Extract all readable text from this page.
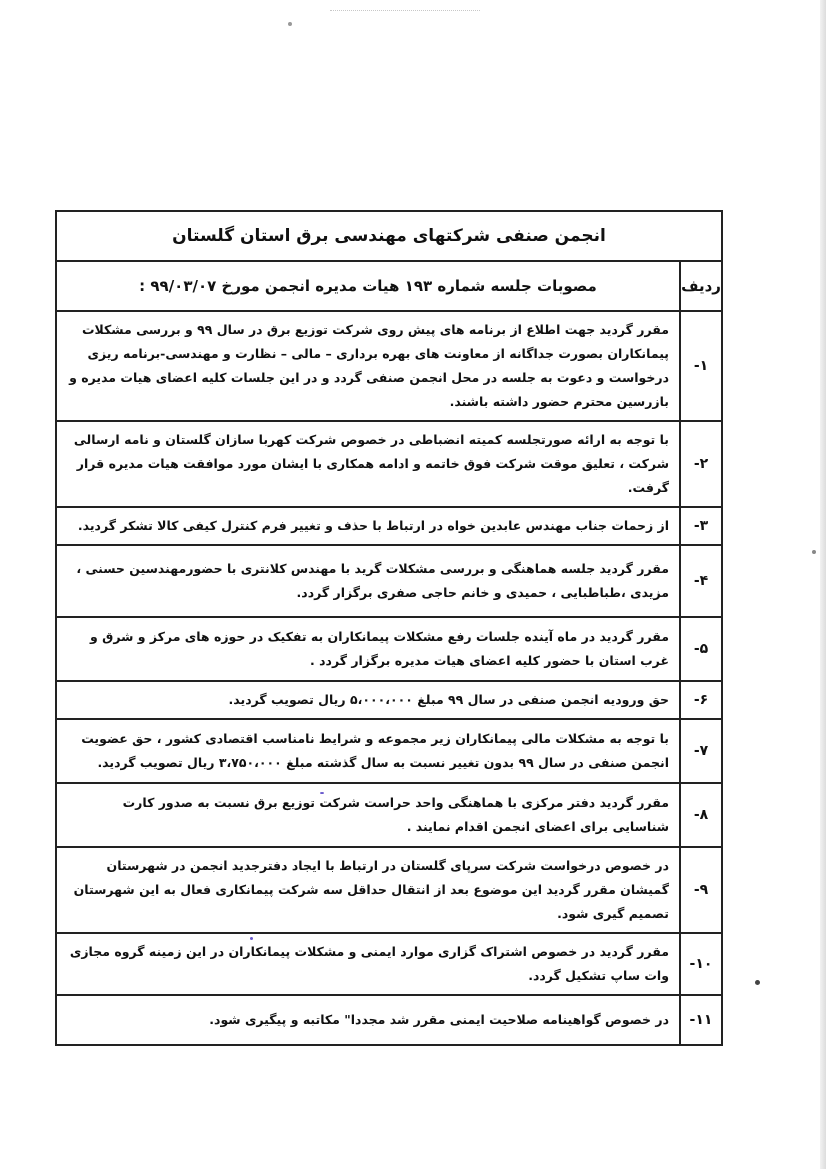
انجمن صنفی شرکتهای مهندسی برق استان گلستان	
ردیف	مصوبات جلسه شماره ۱۹۳ هیات مدیره انجمن مورخ ۹۹/۰۳/۰۷ :
۱-	مقرر گردید جهت اطلاع از برنامه های پیش روی شرکت توزیع برق در سال ۹۹ و بررسی مشکلات پیمانکاران بصورت جداگانه از معاونت های بهره برداری – مالی – نظارت و مهندسی-برنامه ریزی درخواست و دعوت به جلسه در محل انجمن صنفی گردد و در این جلسات کلیه اعضای هیات مدیره و بازرسین محترم حضور داشته باشند.
۲-	با توجه به ارائه صورتجلسه کمیته انضباطی در خصوص شرکت کهربا سازان گلستان و نامه ارسالی شرکت ، تعلیق موقت شرکت فوق خاتمه و ادامه همکاری با ایشان مورد موافقت هیات مدیره قرار گرفت.
۳-	از زحمات جناب مهندس عابدین خواه در ارتباط با حذف و تغییر فرم کنترل کیفی کالا تشکر گردید.
۴-	مقرر گردید جلسه هماهنگی و بررسی مشکلات گرید با مهندس کلانتری با حضورمهندسین حسنی ، مزیدی ،طباطبایی ، حمیدی و خانم حاجی صفری برگزار گردد.
۵-	مقرر گردید در ماه آینده جلسات رفع مشکلات پیمانکاران به تفکیک در حوزه های مرکز و شرق و غرب استان با حضور کلیه اعضای هیات مدیره برگزار گردد .
۶-	حق ورودیه انجمن صنفی در سال ۹۹ مبلغ ۵،۰۰۰،۰۰۰ ریال تصویب گردید.
۷-	با توجه به مشکلات مالی پیمانکاران زیر مجموعه و شرایط نامناسب اقتصادی کشور ، حق عضویت انجمن صنفی در سال ۹۹ بدون تغییر نسبت به سال گذشته مبلغ ۳،۷۵۰،۰۰۰ ریال تصویب گردید.
۸-	مقرر گردید دفتر مرکزی با هماهنگی واحد حراست شرکت توزیع برق نسبت به صدور کارت شناسایی برای اعضای انجمن اقدام نمایند .
۹-	در خصوص درخواست شرکت سرپای گلستان در ارتباط با ایجاد دفترجدید انجمن در شهرستان گمیشان مقرر گردید این موضوع بعد از انتقال حداقل سه شرکت پیمانکاری فعال به این شهرستان تصمیم گیری شود.
۱۰-	مقرر گردید در خصوص اشتراک گزاری موارد ایمنی و مشکلات پیمانکاران در این زمینه گروه مجازی وات ساپ تشکیل گردد.
۱۱-	در خصوص گواهینامه صلاحیت ایمنی مقرر شد مجددا" مکاتبه و پیگیری شود.
